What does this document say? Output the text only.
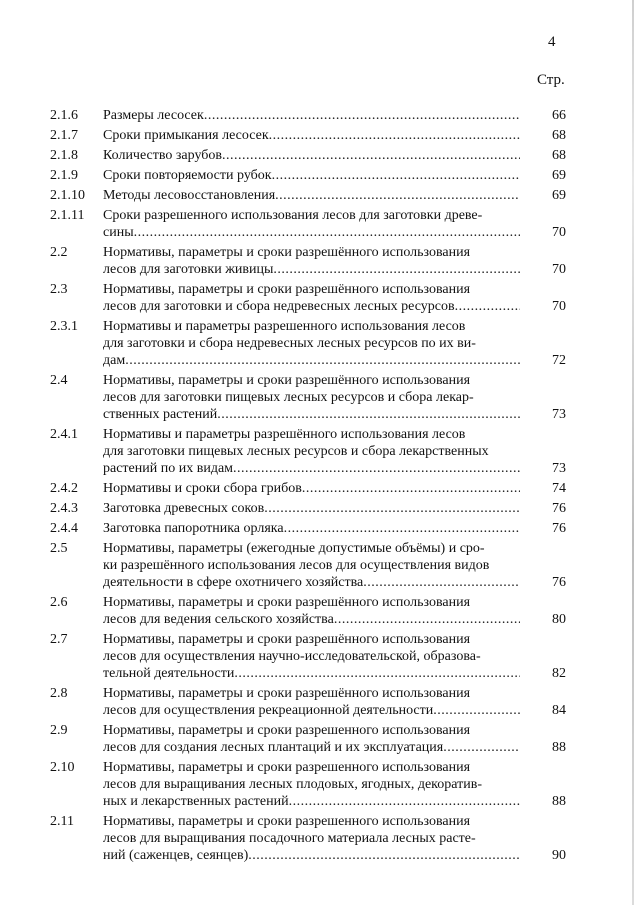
4
Стр.
2.1.6 Размеры лесосек .....	66
2.1.7 Сроки примыкания лесосек .....	68
2.1.8 Количество зарубов .....	68
2.1.9 Сроки повторяемости рубок .....	69
2.1.10 Методы лесовосстановления .....	69
2.1.11 Сроки разрешенного использования лесов для заготовки древе-
сины .....	70
2.2	Нормативы, параметры и сроки разрешённого использования
лесов для заготовки живицы .....	70
2.3	Нормативы, параметры и сроки разрешённого использования
лесов для заготовки и сбора недревесных лесных ресурсов .....	70
2.3.1 Нормативы и параметры разрешенного использования лесов
для заготовки и сбора недревесных лесных ресурсов по их ви-
дам .....	72
2.4	Нормативы, параметры и сроки разрешённого использования
лесов для заготовки пищевых лесных ресурсов и сбора лекар-
ственных растений .....	73
2.4.1 Нормативы и параметры разрешённого использования лесов
для заготовки пищевых лесных ресурсов и сбора лекарственных
растений по их видам .....	73
2.4.2 Нормативы и сроки сбора грибов .....	74
2.4.3 Заготовка древесных соков .....	76
2.4.4 Заготовка папоротника орляка .....	76
2.5	Нормативы, параметры (ежегодные допустимые объёмы) и сро-
ки разрешённого использования лесов для осуществления видов
деятельности в сфере охотничего хозяйства .....	76
2.6	Нормативы, параметры и сроки разрешённого использования
лесов для ведения сельского хозяйства .....	80
2.7	Нормативы, параметры и сроки разрешённого использования
лесов для осуществления научно-исследовательской, образова-
тельной деятельности .....	82
2.8	Нормативы, параметры и сроки разрешённого использования
лесов для осуществления рекреационной деятельности .....	84
2.9	Нормативы, параметры и сроки разрешенного использования
лесов для создания лесных плантаций и их эксплуатация .....	88
2.10 Нормативы, параметры и сроки разрешенного использования
лесов для выращивания лесных плодовых, ягодных, декоратив-
ных и лекарственных растений .....	88
2.11 Нормативы, параметры и сроки разрешенного использования
лесов для выращивания посадочного материала лесных расте-
ний (саженцев, сеянцев) .....	90
